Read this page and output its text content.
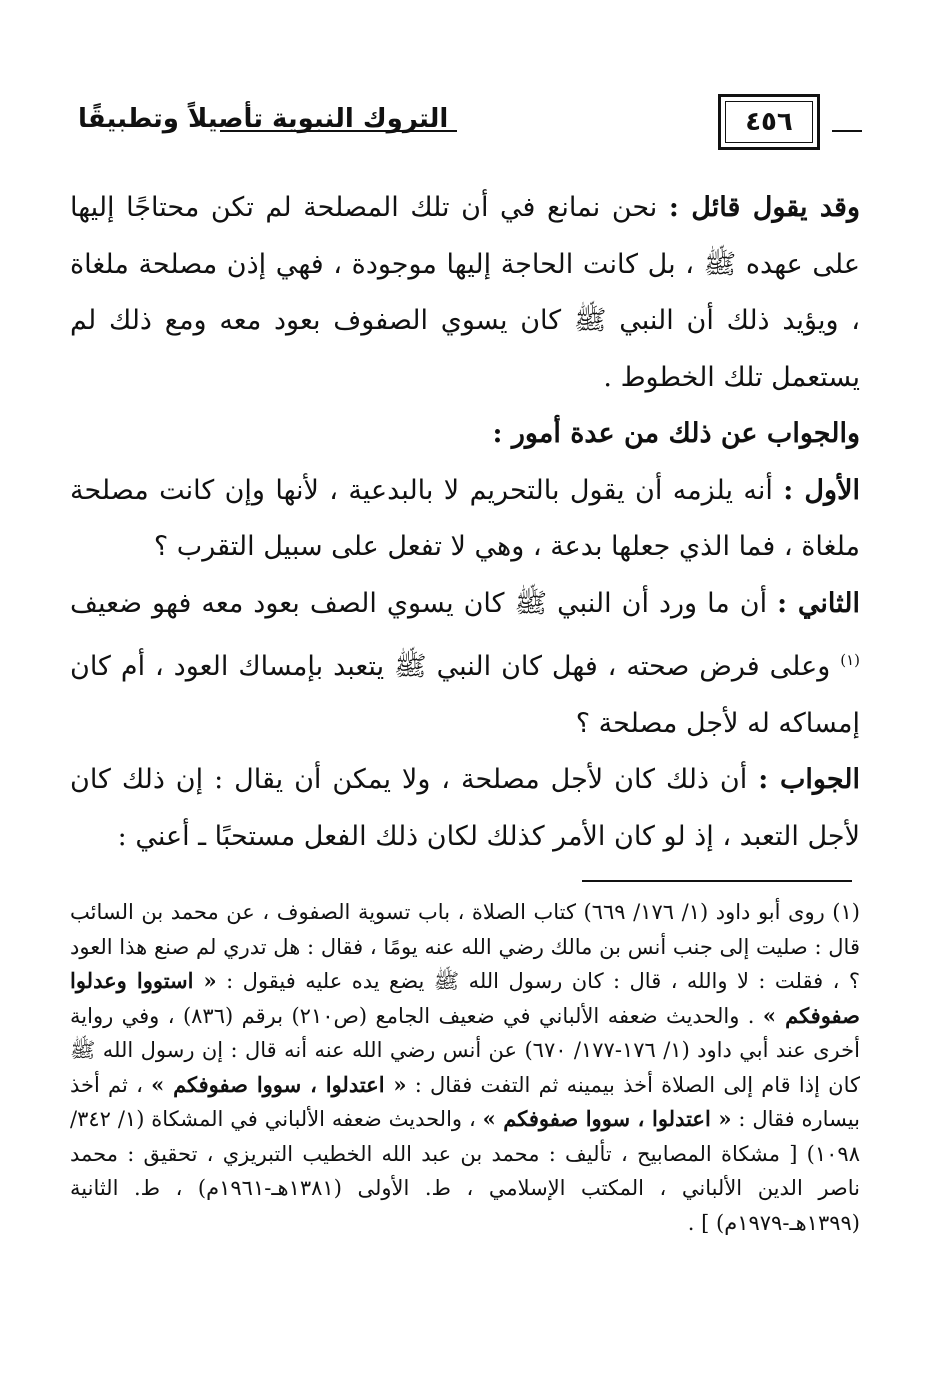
التروك النبوية تأصيلاً وتطبيقًا	٤٥٦

وقد يقول قائل : نحن نمانع في أن تلك المصلحة لم تكن محتاجًا إليها على عهده ﷺ ، بل كانت الحاجة إليها موجودة ، فهي إذن مصلحة ملغاة ، ويؤيد ذلك أن النبي ﷺ كان يسوي الصفوف بعود معه ومع ذلك لم يستعمل تلك الخطوط .

والجواب عن ذلك من عدة أمور :

الأول : أنه يلزمه أن يقول بالتحريم لا بالبدعية ، لأنها وإن كانت مصلحة ملغاة ، فما الذي جعلها بدعة ، وهي لا تفعل على سبيل التقرب ؟

الثاني : أن ما ورد أن النبي ﷺ كان يسوي الصف بعود معه فهو ضعيف $^{(١)}$ وعلى فرض صحته ، فهل كان النبي ﷺ يتعبد بإمساك العود ، أم كان إمساكه له لأجل مصلحة ؟

الجواب : أن ذلك كان لأجل مصلحة ، ولا يمكن أن يقال : إن ذلك كان لأجل التعبد ، إذ لو كان الأمر كذلك لكان ذلك الفعل مستحبًا ـ أعني :

(١) روى أبو داود (١/ ١٧٦/ ٦٦٩) كتاب الصلاة ، باب تسوية الصفوف ، عن محمد بن السائب قال : صليت إلى جنب أنس بن مالك رضي الله عنه يومًا ، فقال : هل تدري لم صنع هذا العود ؟ ، فقلت : لا والله ، قال : كان رسول الله ﷺ يضع يده عليه فيقول : « استووا وعدلوا صفوفكم » . والحديث ضعفه الألباني في ضعيف الجامع (ص٢١٠) برقم (٨٣٦) ، وفي رواية أخرى عند أبي داود (١/ ١٧٦-١٧٧/ ٦٧٠) عن أنس رضي الله عنه أنه قال : إن رسول الله ﷺ كان إذا قام إلى الصلاة أخذ بيمينه ثم التفت فقال : « اعتدلوا ، سووا صفوفكم » ، ثم أخذ بيساره فقال : « اعتدلوا ، سووا صفوفكم » ، والحديث ضعفه الألباني في المشكاة (١/ ٣٤٢/ ١٠٩٨) [ مشكاة المصابيح ، تأليف : محمد بن عبد الله الخطيب التبريزي ، تحقيق : محمد ناصر الدين الألباني ، المكتب الإسلامي ، ط. الأولى (١٣٨١هـ-١٩٦١م) ، ط. الثانية (١٣٩٩هـ-١٩٧٩م) ] .
